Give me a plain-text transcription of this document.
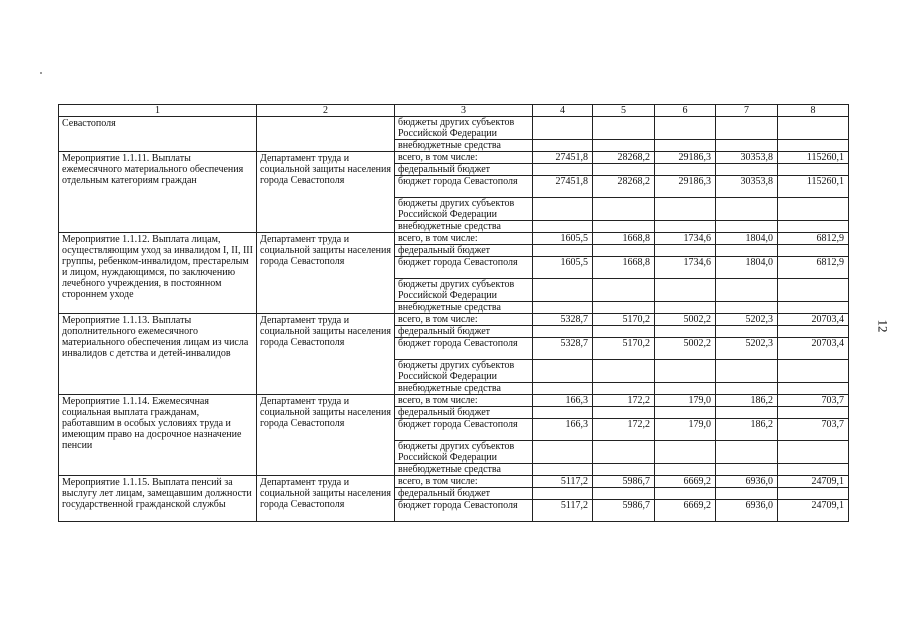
1	2	3	4	5	6	7	8
Севастополя		бюджеты других субъектов Российской Федерации					
		внебюджетные средства					
Мероприятие 1.1.11. Выплаты ежемесячного материального обеспечения отдельным категориям граждан	Департамент труда и социальной защиты населения города Севастополя	всего, в том числе:	27451,8	28268,2	29186,3	30353,8	115260,1
		федеральный бюджет					
		бюджет города Севастополя	27451,8	28268,2	29186,3	30353,8	115260,1
		бюджеты других субъектов Российской Федерации					
		внебюджетные средства					
Мероприятие 1.1.12. Выплата лицам, осуществляющим уход за инвалидом I, II, III группы, ребенком-инвалидом, престарелым и лицом, нуждающимся, по заключению лечебного учреждения, в постоянном стороннем уходе	Департамент труда и социальной защиты населения города Севастополя	всего, в том числе:	1605,5	1668,8	1734,6	1804,0	6812,9
		федеральный бюджет					
		бюджет города Севастополя	1605,5	1668,8	1734,6	1804,0	6812,9
		бюджеты других субъектов Российской Федерации					
		внебюджетные средства					
Мероприятие 1.1.13. Выплаты дополнительного ежемесячного материального обеспечения лицам из числа инвалидов с детства и детей-инвалидов	Департамент труда и социальной защиты населения города Севастополя	всего, в том числе:	5328,7	5170,2	5002,2	5202,3	20703,4
		федеральный бюджет					
		бюджет города Севастополя	5328,7	5170,2	5002,2	5202,3	20703,4
		бюджеты других субъектов Российской Федерации					
		внебюджетные средства					
Мероприятие 1.1.14. Ежемесячная социальная выплата гражданам, работавшим в особых условиях труда и имеющим право на досрочное назначение пенсии	Департамент труда и социальной защиты населения города Севастополя	всего, в том числе:	166,3	172,2	179,0	186,2	703,7
		федеральный бюджет					
		бюджет города Севастополя	166,3	172,2	179,0	186,2	703,7
		бюджеты других субъектов Российской Федерации					
		внебюджетные средства					
Мероприятие 1.1.15. Выплата пенсий за выслугу лет лицам, замещавшим должности государственной гражданской службы	Департамент труда и социальной защиты населения города Севастополя	всего, в том числе:	5117,2	5986,7	6669,2	6936,0	24709,1
		федеральный бюджет					
		бюджет города Севастополя	5117,2	5986,7	6669,2	6936,0	24709,1
12
